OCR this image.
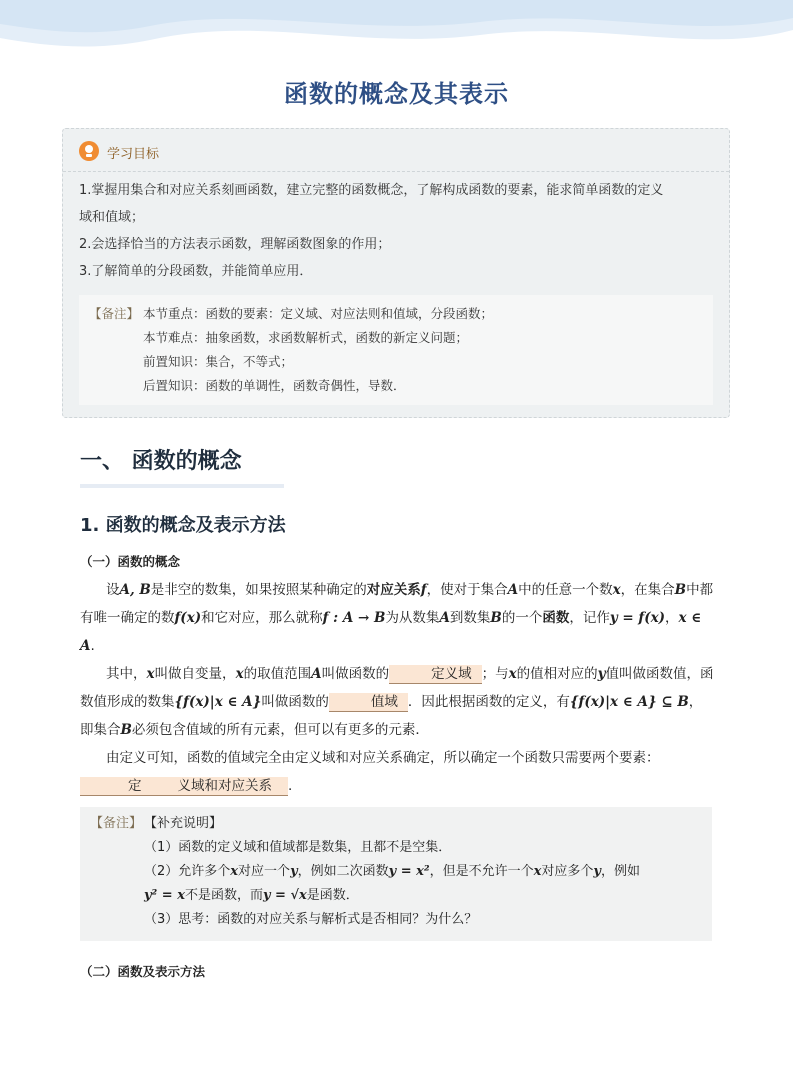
函数的概念及其表示
学习目标
1.掌握用集合和对应关系刻画函数，建立完整的函数概念，了解构成函数的要素，能求简单函数的定义
域和值域；
2.会选择恰当的方法表示函数，理解函数图象的作用；
3.了解简单的分段函数，并能简单应用．
【备注】 本节重点：函数的要素：定义域、对应法则和值域，分段函数；
本节难点：抽象函数，求函数解析式，函数的新定义问题；
前置知识：集合，不等式；
后置知识：函数的单调性，函数奇偶性，导数．
一、 函数的概念
1. 函数的概念及表示方法
（一）函数的概念

设A, B是非空的数集，如果按照某种确定的对应关系f，使对于集合A中的任意一个数x，在集合B中都有唯一确定的数f(x)和它对应，那么就称f : A → B为从数集A到数集B的一个函数，记作y = f(x)，x ∈ A.

其中，x叫做自变量，x的取值范围A叫做函数的	定义域 ；与x的值相对应的y值叫做函数值，函数值形成的数集{f(x)|x ∈ A}叫做函数的	值域 ．因此根据函数的定义，有{f(x)|x ∈ A} ⊆ B，即集合B必须包含值域的所有元素，但可以有更多的元素．

由定义可知，函数的值域完全由定义域和对应关系确定，所以确定一个函数只需要两个要素：定	义域和对应关系 .

【备注】 【补充说明】
（1）函数的定义域和值域都是数集，且都不是空集．
（2）允许多个x对应一个y，例如二次函数y = x²，但是不允许一个x对应多个y，例如
y² = x不是函数，而y = √x是函数．
（3）思考：函数的对应关系与解析式是否相同？为什么？
（二）函数及表示方法
